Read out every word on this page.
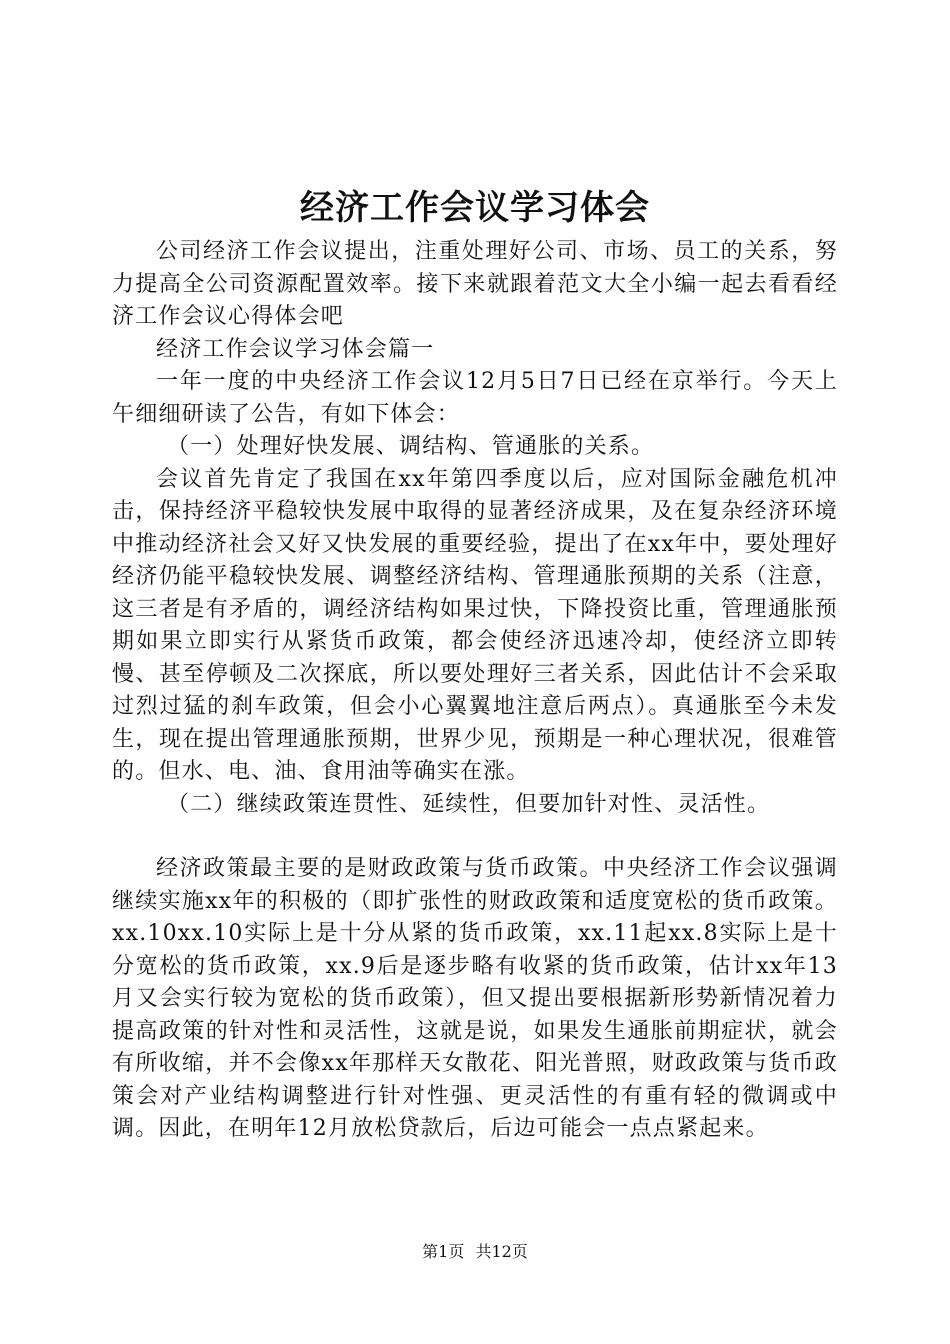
经济工作会议学习体会

公司经济工作会议提出，注重处理好公司、市场、员工的关系，努力提高全公司资源配置效率。接下来就跟着范文大全小编一起去看看经济工作会议心得体会吧

经济工作会议学习体会篇一

一年一度的中央经济工作会议12月5日7日已经在京举行。今天上午细细研读了公告，有如下体会：

（一）处理好快发展、调结构、管通胀的关系。

会议首先肯定了我国在xx年第四季度以后，应对国际金融危机冲击，保持经济平稳较快发展中取得的显著经济成果，及在复杂经济环境中推动经济社会又好又快发展的重要经验，提出了在xx年中，要处理好经济仍能平稳较快发展、调整经济结构、管理通胀预期的关系（注意，这三者是有矛盾的，调经济结构如果过快，下降投资比重，管理通胀预期如果立即实行从紧货币政策，都会使经济迅速冷却，使经济立即转慢、甚至停顿及二次探底，所以要处理好三者关系，因此估计不会采取过烈过猛的刹车政策，但会小心翼翼地注意后两点）。真通胀至今未发生，现在提出管理通胀预期，世界少见，预期是一种心理状况，很难管的。但水、电、油、食用油等确实在涨。

（二）继续政策连贯性、延续性，但要加针对性、灵活性。

经济政策最主要的是财政政策与货币政策。中央经济工作会议强调继续实施xx年的积极的（即扩张性的财政政策和适度宽松的货币政策。xx.10xx.10实际上是十分从紧的货币政策，xx.11起xx.8实际上是十分宽松的货币政策，xx.9后是逐步略有收紧的货币政策，估计xx年13月又会实行较为宽松的货币政策），但又提出要根据新形势新情况着力提高政策的针对性和灵活性，这就是说，如果发生通胀前期症状，就会有所收缩，并不会像xx年那样天女散花、阳光普照，财政政策与货币政策会对产业结构调整进行针对性强、更灵活性的有重有轻的微调或中调。因此，在明年12月放松贷款后，后边可能会一点点紧起来。

第1页 共12页
